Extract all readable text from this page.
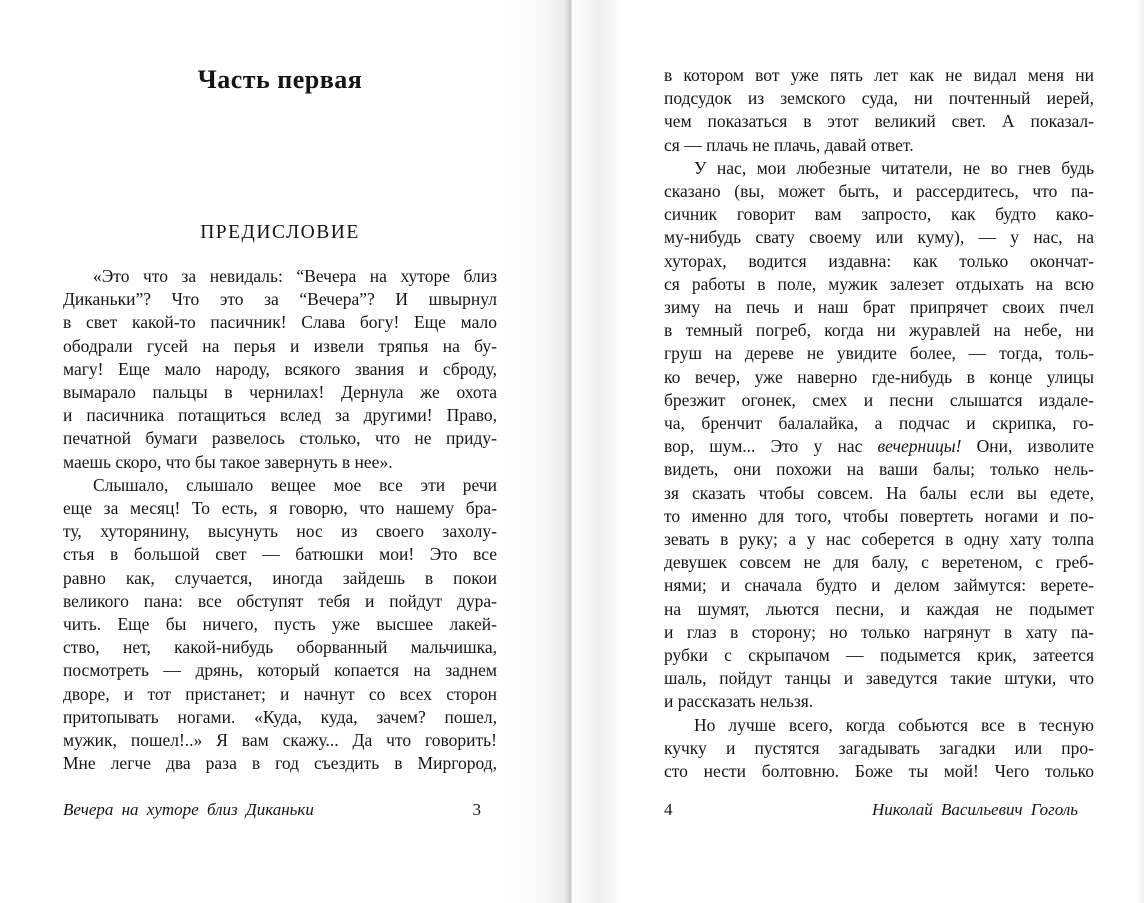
Часть первая
ПРЕДИСЛОВИЕ
«Это что за невидаль: “Вечера на хуторе близ
Диканьки”? Что это за “Вечера”? И швырнул
в свет какой-то пасичник! Слава богу! Еще мало
ободрали гусей на перья и извели тряпья на бу-
магу! Еще мало народу, всякого звания и сброду,
вымарало пальцы в чернилах! Дернула же охота
и пасичника потащиться вслед за другими! Право,
печатной бумаги развелось столько, что не приду-
маешь скоро, что бы такое завернуть в нее».
Слышало, слышало вещее мое все эти речи
еще за месяц! То есть, я говорю, что нашему бра-
ту, хуторянину, высунуть нос из своего захолу-
стья в большой свет — батюшки мои! Это все
равно как, случается, иногда зайдешь в покои
великого пана: все обступят тебя и пойдут дура-
чить. Еще бы ничего, пусть уже высшее лакей-
ство, нет, какой-нибудь оборванный мальчишка,
посмотреть — дрянь, который копается на заднем
дворе, и тот пристанет; и начнут со всех сторон
притопывать ногами. «Куда, куда, зачем? пошел,
мужик, пошел!..» Я вам скажу... Да что говорить!
Мне легче два раза в год съездить в Миргород,
Вечера на хуторе близ Диканьки	3
в котором вот уже пять лет как не видал меня ни
подсудок из земского суда, ни почтенный иерей,
чем показаться в этот великий свет. А показал-
ся — плачь не плачь, давай ответ.
У нас, мои любезные читатели, не во гнев будь
сказано (вы, может быть, и рассердитесь, что па-
сичник говорит вам запросто, как будто како-
му-нибудь свату своему или куму), — у нас, на
хуторах, водится издавна: как только окончат-
ся работы в поле, мужик залезет отдыхать на всю
зиму на печь и наш брат припрячет своих пчел
в темный погреб, когда ни журавлей на небе, ни
груш на дереве не увидите более, — тогда, толь-
ко вечер, уже наверно где-нибудь в конце улицы
брезжит огонек, смех и песни слышатся издале-
ча, бренчит балалайка, а подчас и скрипка, го-
вор, шум... Это у нас вечерницы! Они, изволите
видеть, они похожи на ваши балы; только нель-
зя сказать чтобы совсем. На балы если вы едете,
то именно для того, чтобы повертеть ногами и по-
зевать в руку; а у нас соберется в одну хату толпа
девушек совсем не для балу, с веретеном, с греб-
нями; и сначала будто и делом займутся: верете-
на шумят, льются песни, и каждая не подымет
и глаз в сторону; но только нагрянут в хату па-
рубки с скрыпачом — подымется крик, затеется
шаль, пойдут танцы и заведутся такие штуки, что
и рассказать нельзя.
Но лучше всего, когда собьются все в тесную
кучку и пустятся загадывать загадки или про-
сто нести болтовню. Боже ты мой! Чего только
4	Николай Васильевич Гоголь
